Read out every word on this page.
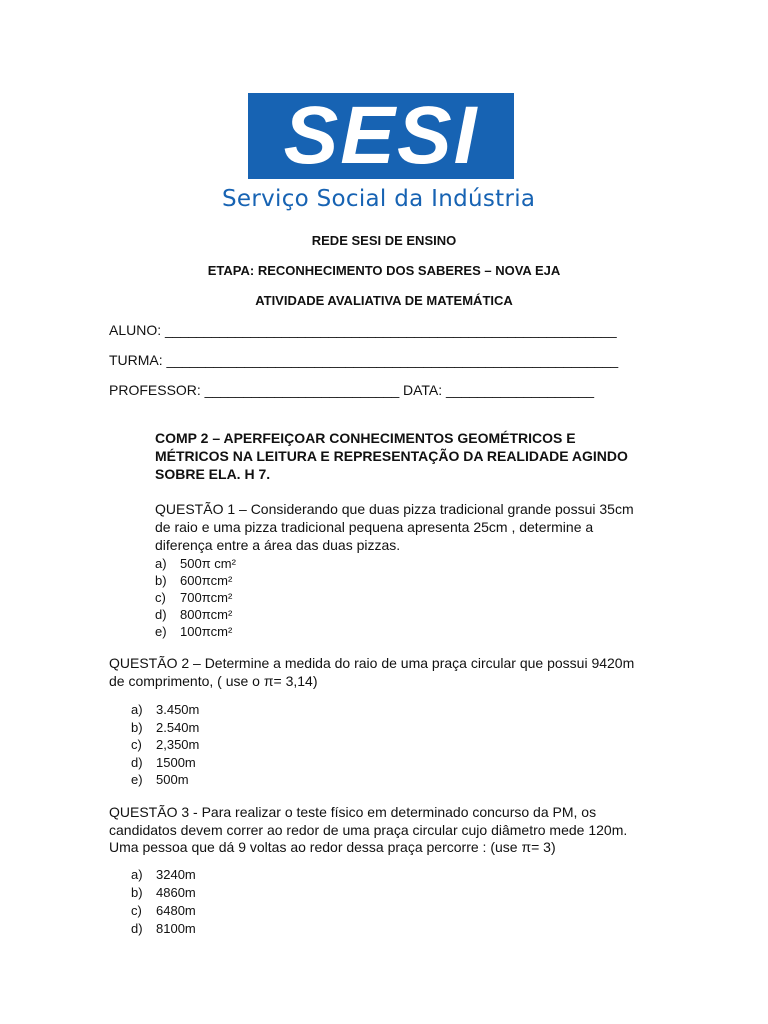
SESI
Serviço Social da Indústria
REDE SESI DE ENSINO
ETAPA: RECONHECIMENTO DOS SABERES – NOVA EJA
ATIVIDADE AVALIATIVA DE MATEMÁTICA
ALUNO: __________________________________________________________
TURMA: __________________________________________________________
PROFESSOR: _________________________ DATA: ___________________
COMP 2 – APERFEIÇOAR CONHECIMENTOS GEOMÉTRICOS E
MÉTRICOS NA LEITURA E REPRESENTAÇÃO DA REALIDADE AGINDO
SOBRE ELA. H 7.
QUESTÃO 1 – Considerando que duas pizza tradicional grande possui 35cm
de raio e uma pizza tradicional pequena apresenta 25cm , determine a
diferença entre a área das duas pizzas.
a) 500π cm²
b) 600πcm²
c) 700πcm²
d) 800πcm²
e) 100πcm²
QUESTÃO 2 – Determine a medida do raio de uma praça circular que possui 9420m
de comprimento, ( use o π= 3,14)
a) 3.450m
b) 2.540m
c) 2,350m
d) 1500m
e) 500m
QUESTÃO 3 - Para realizar o teste físico em determinado concurso da PM, os
candidatos devem correr ao redor de uma praça circular cujo diâmetro mede 120m.
Uma pessoa que dá 9 voltas ao redor dessa praça percorre : (use π= 3)
a) 3240m
b) 4860m
c) 6480m
d) 8100m
